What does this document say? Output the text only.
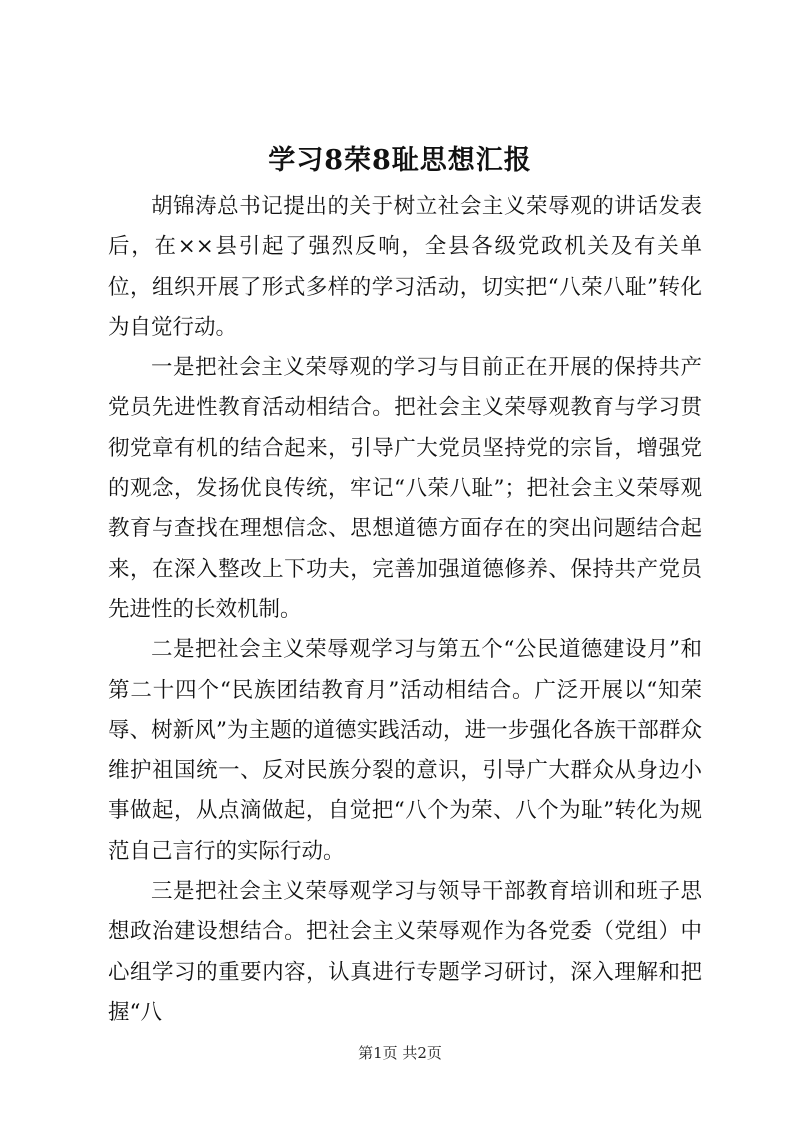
学习8荣8耻思想汇报

胡锦涛总书记提出的关于树立社会主义荣辱观的讲话发表后，在××县引起了强烈反响，全县各级党政机关及有关单位，组织开展了形式多样的学习活动，切实把“八荣八耻”转化为自觉行动。

一是把社会主义荣辱观的学习与目前正在开展的保持共产党员先进性教育活动相结合。把社会主义荣辱观教育与学习贯彻党章有机的结合起来，引导广大党员坚持党的宗旨，增强党的观念，发扬优良传统，牢记“八荣八耻”；把社会主义荣辱观教育与查找在理想信念、思想道德方面存在的突出问题结合起来，在深入整改上下功夫，完善加强道德修养、保持共产党员先进性的长效机制。

二是把社会主义荣辱观学习与第五个“公民道德建设月”和第二十四个“民族团结教育月”活动相结合。广泛开展以“知荣辱、树新风”为主题的道德实践活动，进一步强化各族干部群众维护祖国统一、反对民族分裂的意识，引导广大群众从身边小事做起，从点滴做起，自觉把“八个为荣、八个为耻”转化为规范自己言行的实际行动。

三是把社会主义荣辱观学习与领导干部教育培训和班子思想政治建设想结合。把社会主义荣辱观作为各党委（党组）中心组学习的重要内容，认真进行专题学习研讨，深入理解和把握“八

第1页 共2页
